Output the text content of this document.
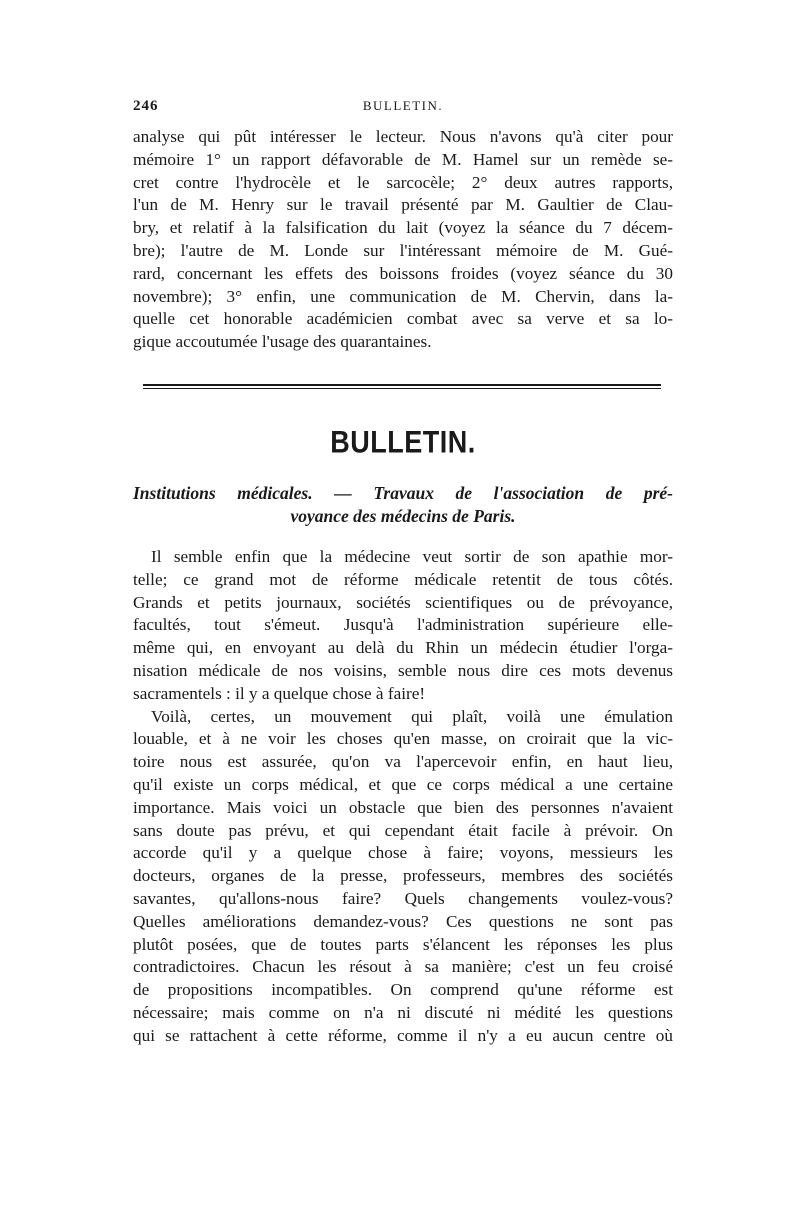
246	BULLETIN.

analyse qui pût intéresser le lecteur. Nous n'avons qu'à citer pour
mémoire 1° un rapport défavorable de M. Hamel sur un remède se-
cret contre l'hydrocèle et le sarcocèle; 2° deux autres rapports,
l'un de M. Henry sur le travail présenté par M. Gaultier de Clau-
bry, et relatif à la falsification du lait (voyez la séance du 7 décem-
bre); l'autre de M. Londe sur l'intéressant mémoire de M. Gué-
rard, concernant les effets des boissons froides (voyez séance du 30
novembre); 3° enfin, une communication de M. Chervin, dans la-
quelle cet honorable académicien combat avec sa verve et sa lo-
gique accoutumée l'usage des quarantaines.

BULLETIN.
Institutions médicales. — Travaux de l'association de pré-
voyance des médecins de Paris.

Il semble enfin que la médecine veut sortir de son apathie mor-
telle; ce grand mot de réforme médicale retentit de tous côtés.
Grands et petits journaux, sociétés scientifiques ou de prévoyance,
facultés, tout s'émeut. Jusqu'à l'administration supérieure elle-
même qui, en envoyant au delà du Rhin un médecin étudier l'orga-
nisation médicale de nos voisins, semble nous dire ces mots devenus
sacramentels : il y a quelque chose à faire!

Voilà, certes, un mouvement qui plaît, voilà une émulation
louable, et à ne voir les choses qu'en masse, on croirait que la vic-
toire nous est assurée, qu'on va l'apercevoir enfin, en haut lieu,
qu'il existe un corps médical, et que ce corps médical a une certaine
importance. Mais voici un obstacle que bien des personnes n'avaient
sans doute pas prévu, et qui cependant était facile à prévoir. On
accorde qu'il y a quelque chose à faire; voyons, messieurs les
docteurs, organes de la presse, professeurs, membres des sociétés
savantes, qu'allons-nous faire? Quels changements voulez-vous?
Quelles améliorations demandez-vous? Ces questions ne sont pas
plutôt posées, que de toutes parts s'élancent les réponses les plus
contradictoires. Chacun les résout à sa manière; c'est un feu croisé
de propositions incompatibles. On comprend qu'une réforme est
nécessaire; mais comme on n'a ni discuté ni médité les questions
qui se rattachent à cette réforme, comme il n'y a eu aucun centre où
